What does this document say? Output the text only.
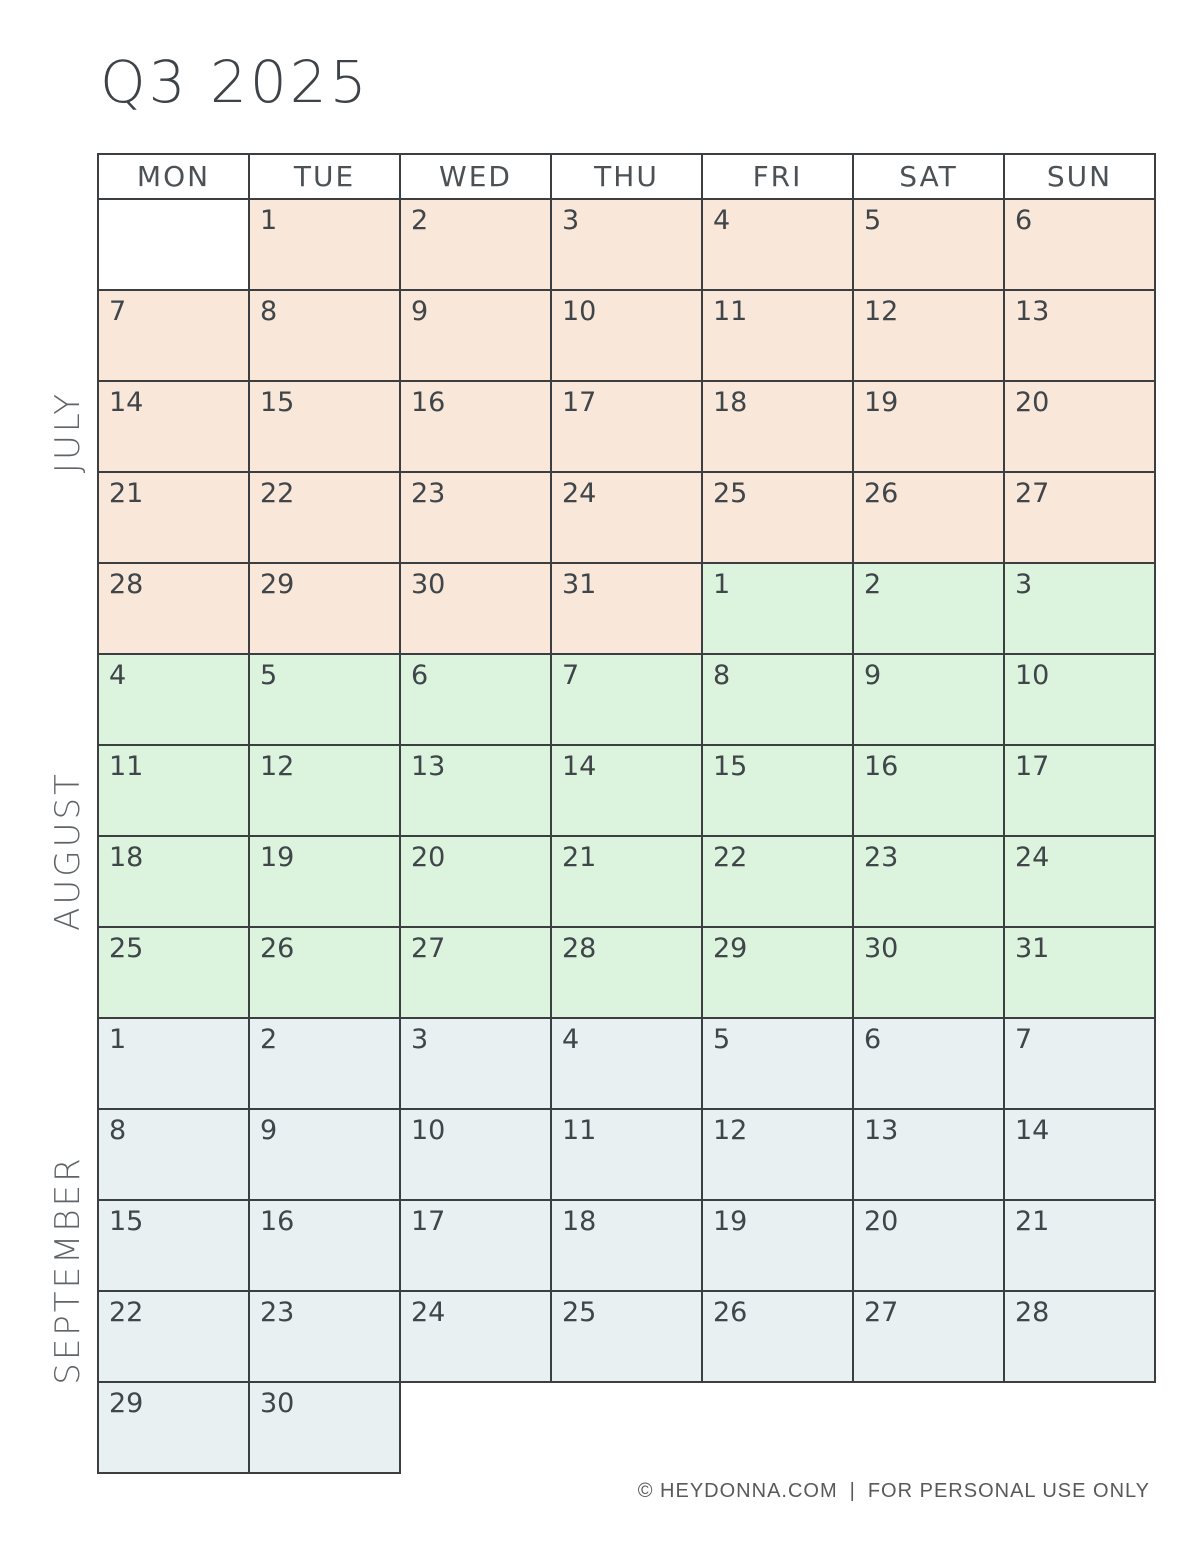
Q3 2025
JULY
AUGUST
SEPTEMBER
MON	TUE	WED	THU	FRI	SAT	SUN
	1	2	3	4	5	6
7	8	9	10	11	12	13
14	15	16	17	18	19	20
21	22	23	24	25	26	27
28	29	30	31	1	2	3
4	5	6	7	8	9	10
11	12	13	14	15	16	17
18	19	20	21	22	23	24
25	26	27	28	29	30	31
1	2	3	4	5	6	7
8	9	10	11	12	13	14
15	16	17	18	19	20	21
22	23	24	25	26	27	28
29	30					
© HEYDONNA.COM | FOR PERSONAL USE ONLY
